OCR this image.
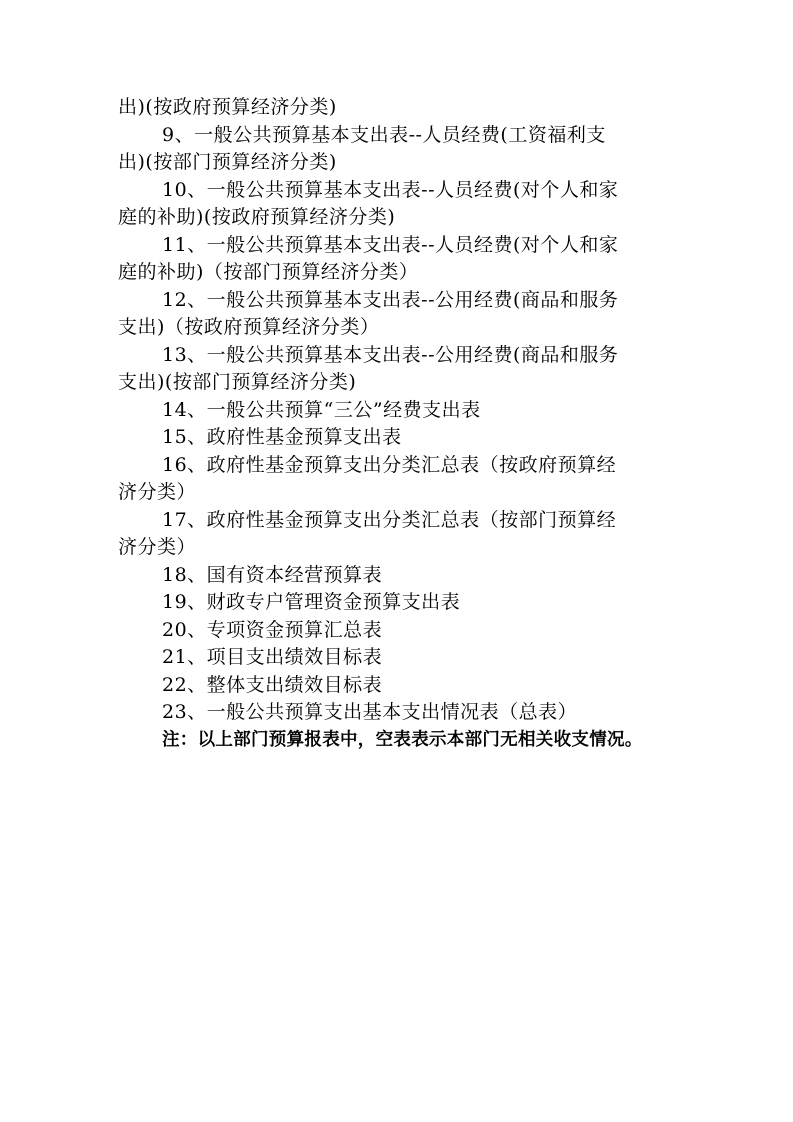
出)(按政府预算经济分类)
9、一般公共预算基本支出表--人员经费(工资福利支
出)(按部门预算经济分类)
10、一般公共预算基本支出表--人员经费(对个人和家
庭的补助)(按政府预算经济分类)
11、一般公共预算基本支出表--人员经费(对个人和家
庭的补助)（按部门预算经济分类）
12、一般公共预算基本支出表--公用经费(商品和服务
支出)（按政府预算经济分类）
13、一般公共预算基本支出表--公用经费(商品和服务
支出)(按部门预算经济分类)
14、一般公共预算“三公”经费支出表
15、政府性基金预算支出表
16、政府性基金预算支出分类汇总表（按政府预算经
济分类）
17、政府性基金预算支出分类汇总表（按部门预算经
济分类）
18、国有资本经营预算表
19、财政专户管理资金预算支出表
20、专项资金预算汇总表
21、项目支出绩效目标表
22、整体支出绩效目标表
23、一般公共预算支出基本支出情况表（总表）
注：以上部门预算报表中，空表表示本部门无相关收支情况。
